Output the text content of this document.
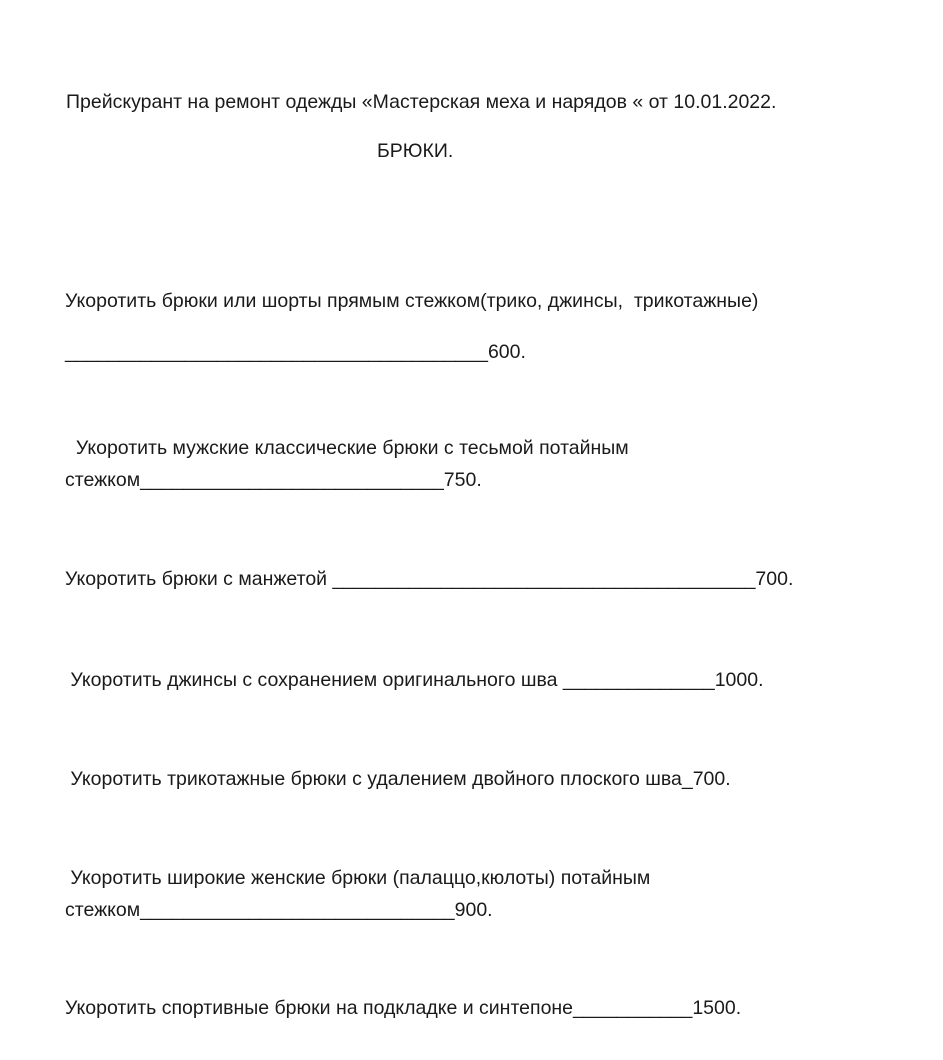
Прейскурант на ремонт одежды «Мастерская меха и нарядов « от 10.01.2022.
БРЮКИ.
Укоротить брюки или шорты прямым стежком(трико, джинсы,  трикотажные)
_______________________________________600.
Укоротить мужские классические брюки с тесьмой потайным
стежком____________________________750.
Укоротить брюки с манжетой _______________________________________700.
Укоротить джинсы с сохранением оригинального шва ______________1000.
Укоротить трикотажные брюки с удалением двойного плоского шва_700.
Укоротить широкие женские брюки (палаццо,кюлоты) потайным
стежком_____________________________900.
Укоротить спортивные брюки на подкладке и синтепоне___________1500.
